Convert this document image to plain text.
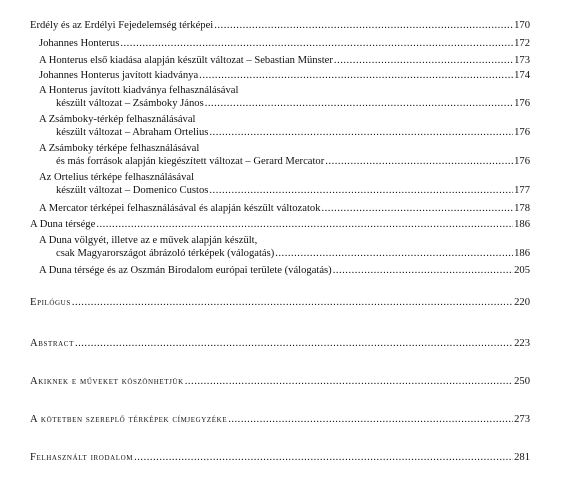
Erdély és az Erdélyi Fejedelemség térképei .....	170
Johannes Honterus .....	172
A Honterus első kiadása alapján készült változat – Sebastian Münster .....	173
Johannes Honterus javított kiadványa .....	174
A Honterus javított kiadványa felhasználásával
készült változat – Zsámboky János .....	176
A Zsámboky-térkép felhasználásával
készült változat – Abraham Ortelius .....	176
A Zsámboky térképe felhasználásával
és más források alapján kiegészített változat – Gerard Mercator .....	176
Az Ortelius térképe felhasználásával
készült változat – Domenico Custos .....	177
A Mercator térképei felhasználásával és alapján készült változatok .....	178
A Duna térsége .....	186
A Duna völgyét, illetve az e művek alapján készült,
csak Magyarországot ábrázoló térképek (válogatás) .....	186
A Duna térsége és az Oszmán Birodalom európai területe (válogatás) .....	205
Epilógus .....	220
Abstract .....	223
Akiknek e műveket köszönhetjük .....	250
A kötetben szereplő térképek címjegyzéke .....	273
Felhasznált irodalom .....	281
